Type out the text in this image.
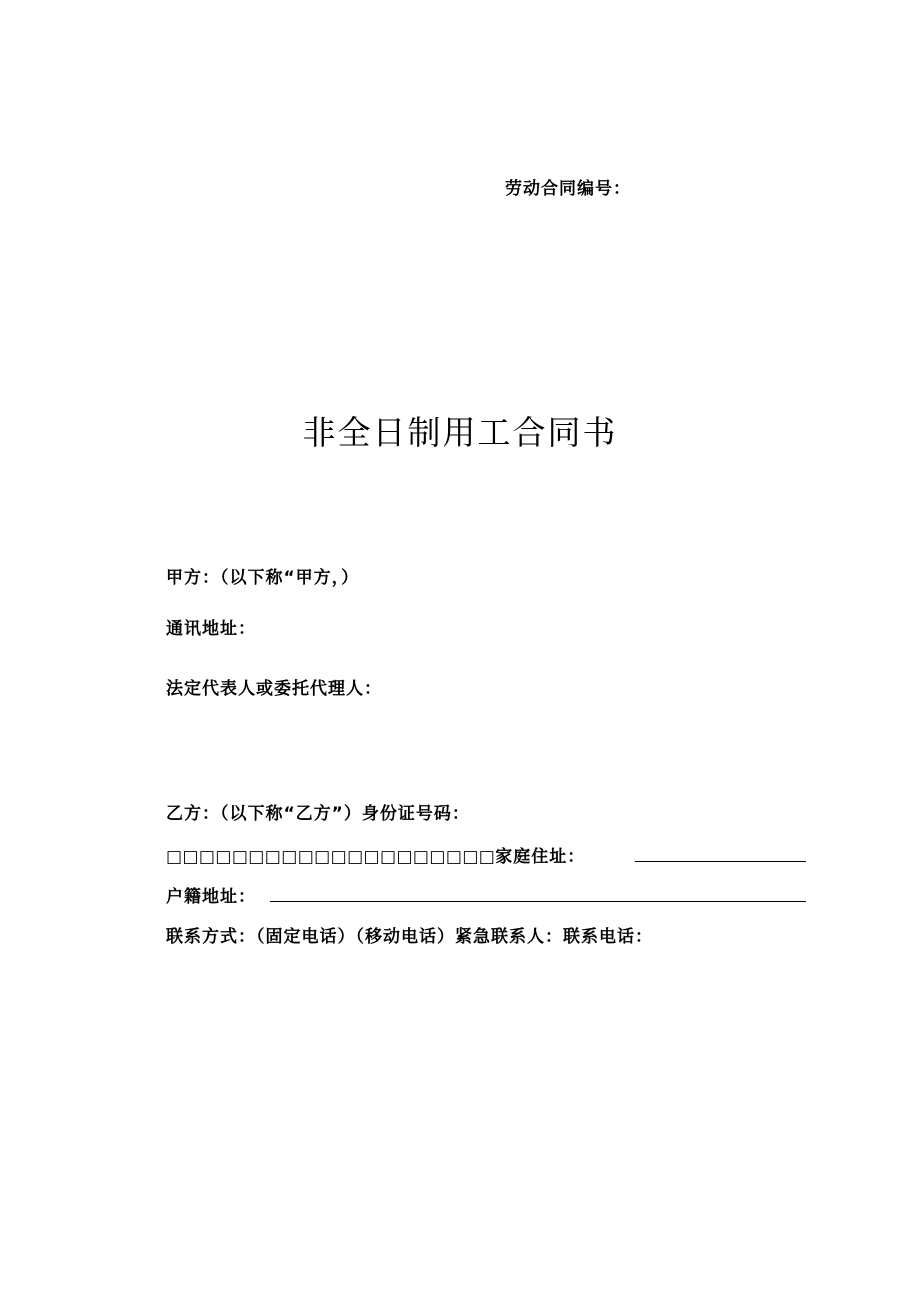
劳动合同编号：
非全日制用工合同书
甲方：（以下称“甲方，）
通讯地址：
法定代表人或委托代理人：
乙方：（以下称“乙方”）身份证号码：
□□□□□□□□□□□□□□□□□□□□家庭住址：
户籍地址：
联系方式：（固定电话）（移动电话）紧急联系人：联系电话：
